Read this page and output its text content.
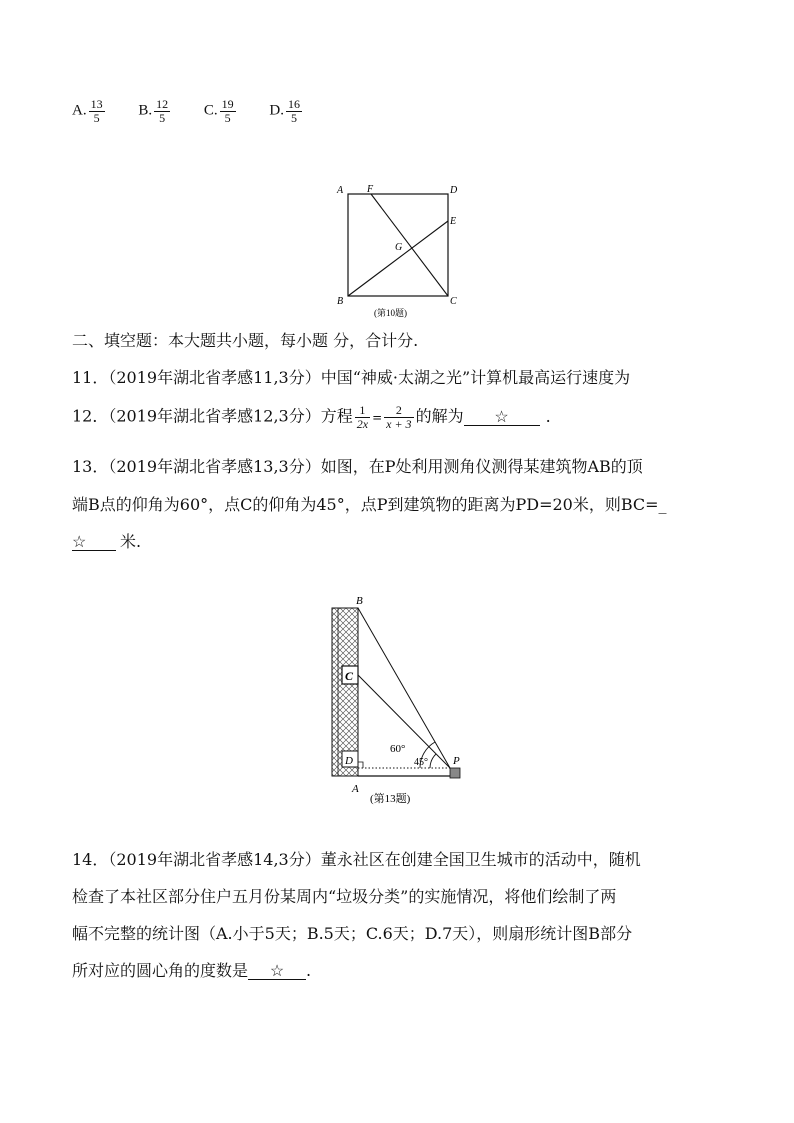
A. $\frac{13}{5} B$. $\frac{12}{5} C$. $\frac{19}{5} D$. $\frac{16}{5}$
A F	D
E
G
B	C
(第10题)
二、填空题：本大题共小题，每小题 分，合计分.
11．（2019年湖北省孝感11,3分）中国“神威·太湖之光”计算机最高运行速度为
12．（2019年湖北省孝感12,3分）方程 $\frac{1}{2x} = \frac{2}{x + 3}$ 的解为 ☆ .
13．（2019年湖北省孝感13,3分）如图，在P处利用测角仪测得某建筑物AB的顶
端B点的仰角为60°，点C的仰角为45°，点P到建筑物的距离为PD=20米，则BC=_
☆ 米.
C
D
60°
45°
B
P
A
(第13题)
14．（2019年湖北省孝感14,3分）董永社区在创建全国卫生城市的活动中，随机
检查了本社区部分住户五月份某周内“垃圾分类”的实施情况，将他们绘制了两
幅不完整的统计图（A.小于5天；B.5天；C.6天；D.7天），则扇形统计图B部分
所对应的圆心角的度数是 ☆ .
